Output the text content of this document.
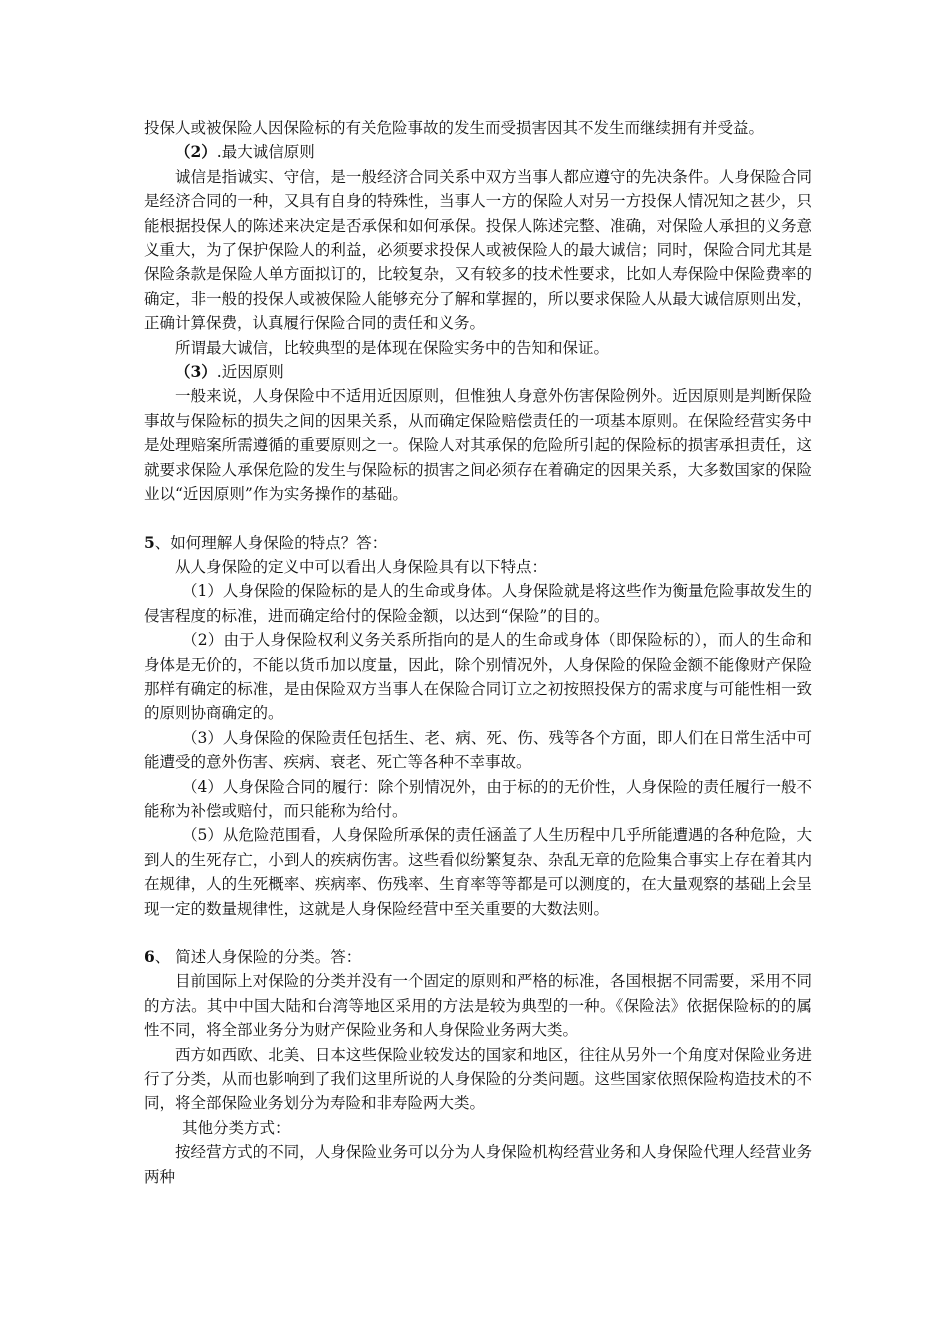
投保人或被保险人因保险标的有关危险事故的发生而受损害因其不发生而继续拥有并受益。

（2）.最大诚信原则

诚信是指诚实、守信，是一般经济合同关系中双方当事人都应遵守的先决条件。人身保险合同是经济合同的一种，又具有自身的特殊性，当事人一方的保险人对另一方投保人情况知之甚少，只能根据投保人的陈述来决定是否承保和如何承保。投保人陈述完整、准确，对保险人承担的义务意义重大，为了保护保险人的利益，必须要求投保人或被保险人的最大诚信；同时，保险合同尤其是保险条款是保险人单方面拟订的，比较复杂，又有较多的技术性要求，比如人寿保险中保险费率的确定，非一般的投保人或被保险人能够充分了解和掌握的，所以要求保险人从最大诚信原则出发，正确计算保费，认真履行保险合同的责任和义务。

所谓最大诚信，比较典型的是体现在保险实务中的告知和保证。

（3）.近因原则

一般来说，人身保险中不适用近因原则，但惟独人身意外伤害保险例外。近因原则是判断保险事故与保险标的损失之间的因果关系，从而确定保险赔偿责任的一项基本原则。在保险经营实务中是处理赔案所需遵循的重要原则之一。保险人对其承保的危险所引起的保险标的损害承担责任，这就要求保险人承保危险的发生与保险标的损害之间必须存在着确定的因果关系，大多数国家的保险业以“近因原则”作为实务操作的基础。

5、如何理解人身保险的特点？答：

从人身保险的定义中可以看出人身保险具有以下特点：

（1）人身保险的保险标的是人的生命或身体。人身保险就是将这些作为衡量危险事故发生的侵害程度的标准，进而确定给付的保险金额，以达到“保险”的目的。

（2）由于人身保险权利义务关系所指向的是人的生命或身体（即保险标的），而人的生命和身体是无价的，不能以货币加以度量，因此，除个别情况外，人身保险的保险金额不能像财产保险那样有确定的标准，是由保险双方当事人在保险合同订立之初按照投保方的需求度与可能性相一致的原则协商确定的。

（3）人身保险的保险责任包括生、老、病、死、伤、残等各个方面，即人们在日常生活中可能遭受的意外伤害、疾病、衰老、死亡等各种不幸事故。

（4）人身保险合同的履行：除个别情况外，由于标的的无价性，人身保险的责任履行一般不能称为补偿或赔付，而只能称为给付。

（5）从危险范围看，人身保险所承保的责任涵盖了人生历程中几乎所能遭遇的各种危险，大到人的生死存亡，小到人的疾病伤害。这些看似纷繁复杂、杂乱无章的危险集合事实上存在着其内在规律，人的生死概率、疾病率、伤残率、生育率等等都是可以测度的，在大量观察的基础上会呈现一定的数量规律性，这就是人身保险经营中至关重要的大数法则。

6、 简述人身保险的分类。答：

目前国际上对保险的分类并没有一个固定的原则和严格的标准，各国根据不同需要，采用不同的方法。其中中国大陆和台湾等地区采用的方法是较为典型的一种。《保险法》依据保险标的的属性不同，将全部业务分为财产保险业务和人身保险业务两大类。

西方如西欧、北美、日本这些保险业较发达的国家和地区，往往从另外一个角度对保险业务进行了分类，从而也影响到了我们这里所说的人身保险的分类问题。这些国家依照保险构造技术的不同，将全部保险业务划分为寿险和非寿险两大类。

其他分类方式：

按经营方式的不同，人身保险业务可以分为人身保险机构经营业务和人身保险代理人经营业务两种
